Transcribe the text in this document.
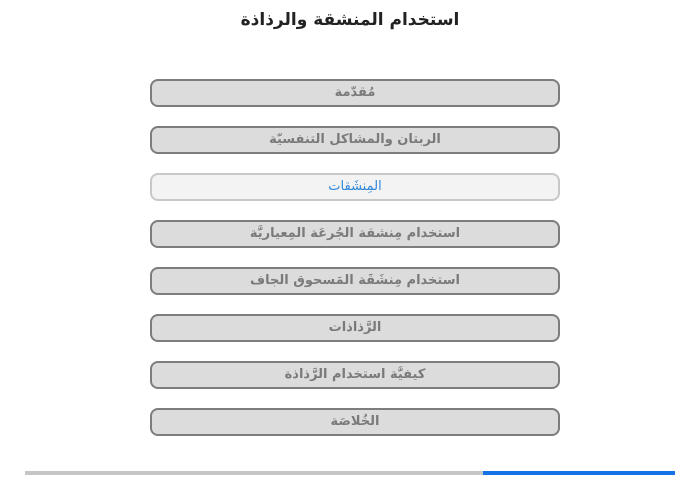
استخدام المنشقة والرذاذة
مُقدّمة
الربتان والمشاكل التنفسيّة
المِنشَقات
استخدام مِنشقة الجُرعَة المِعياريَّة
استخدام مِنشَقَة المَسحوق الجاف
الرَّذاذات
كيفيَّة استخدام الرَّذاذة
الخُلاصَة
